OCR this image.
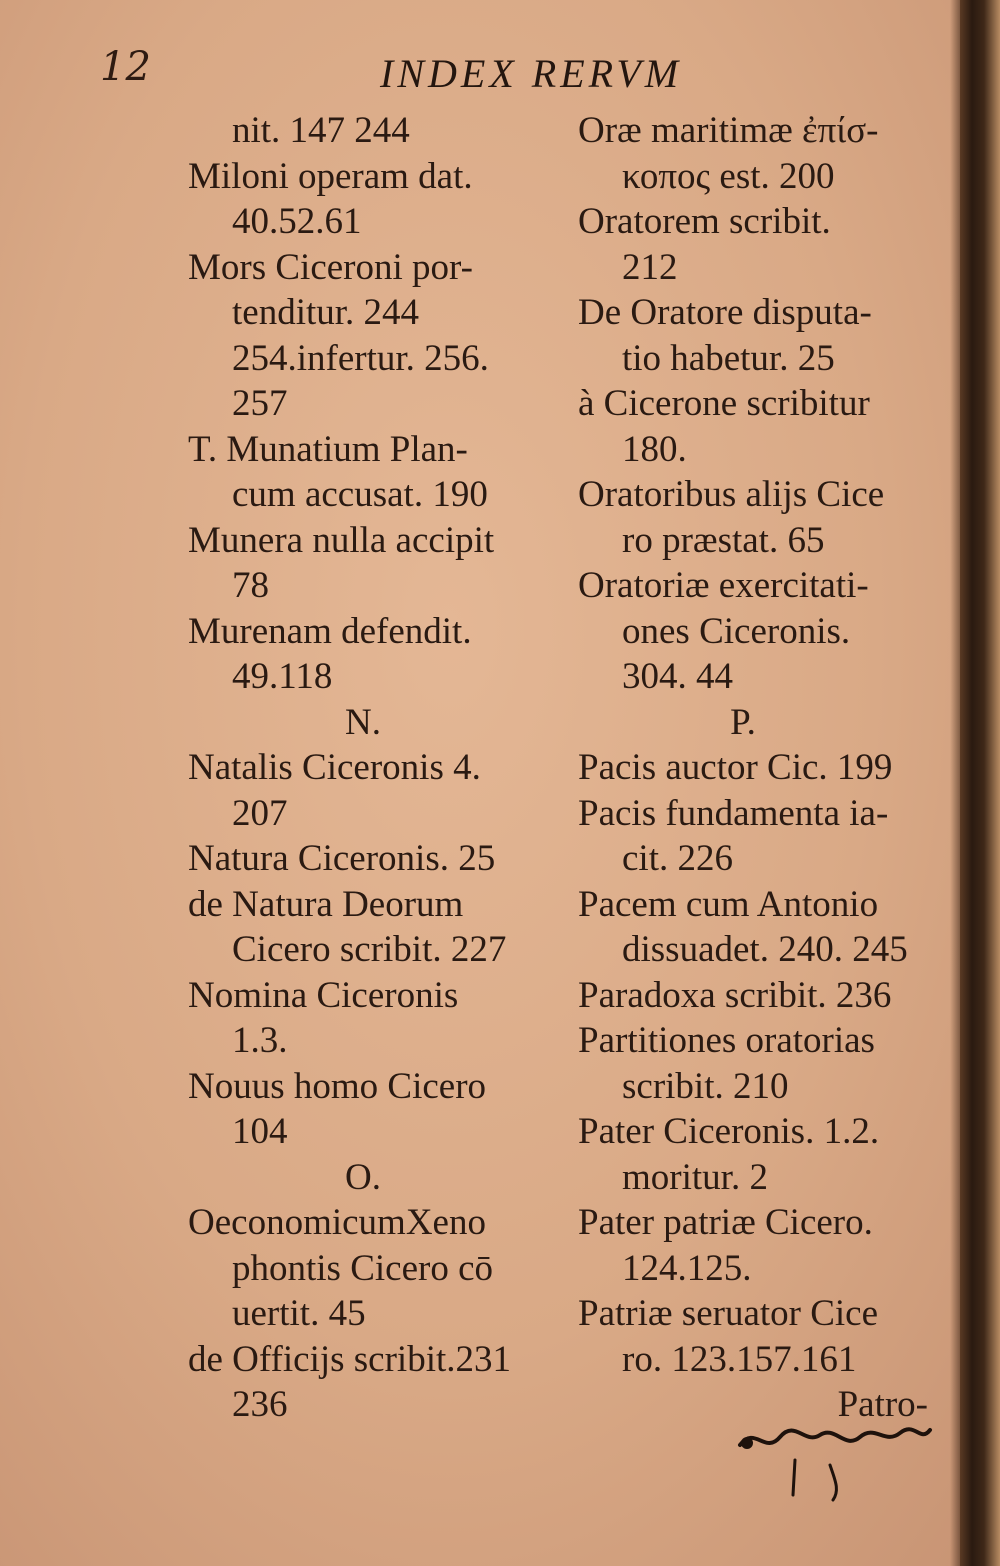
12	INDEX RERVM
nit. 147 244
Miloni operam dat.
40.52.61
Mors Ciceroni por-
tenditur. 244
254.infertur. 256.
257
T. Munatium Plan-
cum accusat. 190
Munera nulla accipit
78
Murenam defendit.
49.118
N.
Natalis Ciceronis 4.
207
Natura Ciceronis. 25
de Natura Deorum
Cicero scribit. 227
Nomina Ciceronis
1.3.
Nouus homo Cicero
104
O.
OeconomicumXeno
phontis Cicero cō
uertit. 45
de Officijs scribit.231
236
Oræ maritimæ ἐπίσ-
κοπος est. 200
Oratorem scribit.
212
De Oratore disputa-
tio habetur. 25
à Cicerone scribitur
180.
Oratoribus alijs Cice
ro præstat. 65
Oratoriæ exercitati-
ones Ciceronis.
304. 44
P.
Pacis auctor Cic. 199
Pacis fundamenta ia-
cit. 226
Pacem cum Antonio
dissuadet. 240. 245
Paradoxa scribit. 236
Partitiones oratorias
scribit. 210
Pater Ciceronis. 1.2.
moritur. 2
Pater patriæ Cicero.
124.125.
Patriæ seruator Cice
ro. 123.157.161
Patro-
